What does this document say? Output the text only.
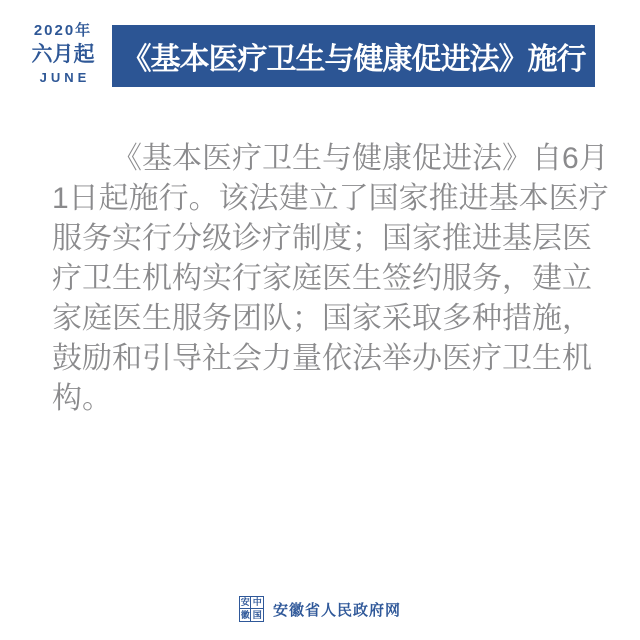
2020年
六月起
JUNE
《基本医疗卫生与健康促进法》施行
《基本医疗卫生与健康促进法》自6月
1日起施行。该法建立了国家推进基本医疗
服务实行分级诊疗制度；国家推进基层医
疗卫生机构实行家庭医生签约服务，建立
家庭医生服务团队；国家采取多种措施，
鼓励和引导社会力量依法举办医疗卫生机
构。
安 中
徽 国 安徽省人民政府网
